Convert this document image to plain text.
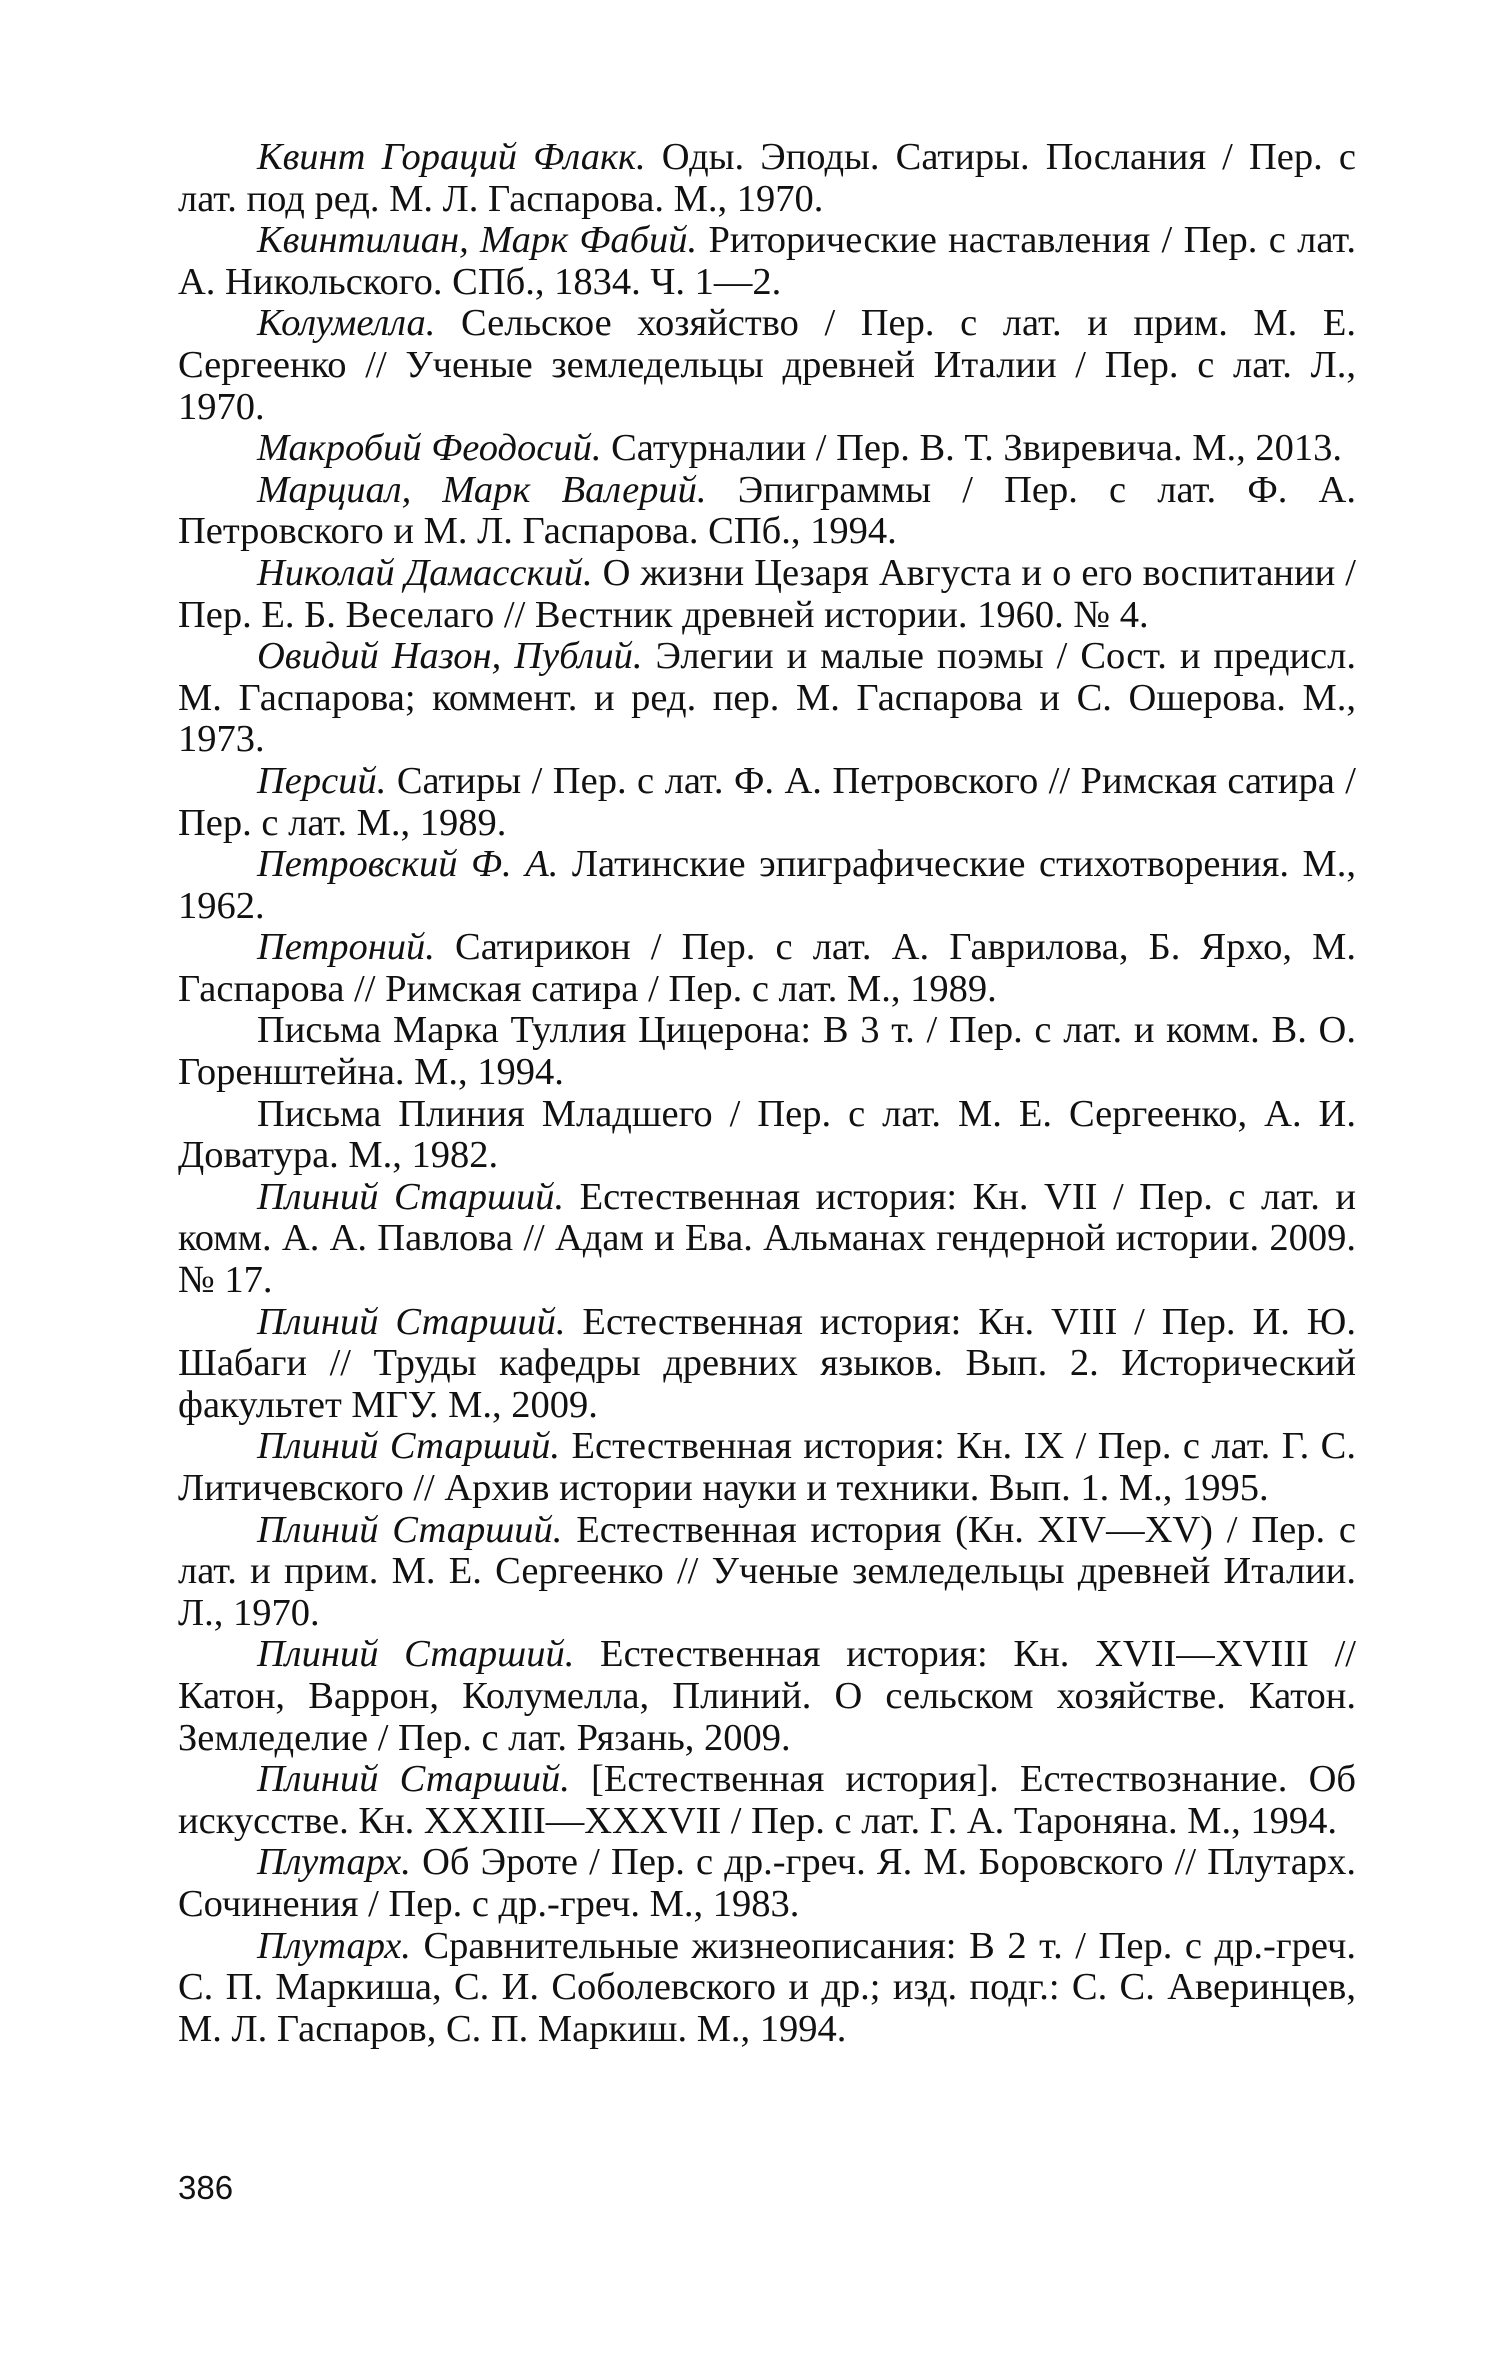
Квинт Гораций Флакк. Оды. Эподы. Сатиры. Послания / Пер. с лат. под ред. М. Л. Гаспарова. М., 1970.

Квинтилиан, Марк Фабий. Риторические наставления / Пер. с лат. А. Никольского. СПб., 1834. Ч. 1—2.

Колумелла. Сельское хозяйство / Пер. с лат. и прим. М. Е. Сергеенко // Ученые земледельцы древней Италии / Пер. с лат. Л., 1970.

Макробий Феодосий. Сатурналии / Пер. В. Т. Звиревича. М., 2013.

Марциал, Марк Валерий. Эпиграммы / Пер. с лат. Ф. А. Петровского и М. Л. Гаспарова. СПб., 1994.

Николай Дамасский. О жизни Цезаря Августа и о его воспитании / Пер. Е. Б. Веселаго // Вестник древней истории. 1960. № 4.

Овидий Назон, Публий. Элегии и малые поэмы / Сост. и предисл. М. Гаспарова; коммент. и ред. пер. М. Гаспарова и С. Ошерова. М., 1973.

Персий. Сатиры / Пер. с лат. Ф. А. Петровского // Римская сатира / Пер. с лат. М., 1989.

Петровский Ф. А. Латинские эпиграфические стихотворения. М., 1962.

Петроний. Сатирикон / Пер. с лат. А. Гаврилова, Б. Ярхо, М. Гаспарова // Римская сатира / Пер. с лат. М., 1989.

Письма Марка Туллия Цицерона: В 3 т. / Пер. с лат. и комм. В. О. Горенштейна. М., 1994.

Письма Плиния Младшего / Пер. с лат. М. Е. Сергеенко, А. И. Доватура. М., 1982.

Плиний Старший. Естественная история: Кн. VII / Пер. с лат. и комм. А. А. Павлова // Адам и Ева. Альманах гендерной истории. 2009. № 17.

Плиний Старший. Естественная история: Кн. VIII / Пер. И. Ю. Шабаги // Труды кафедры древних языков. Вып. 2. Исторический факультет МГУ. М., 2009.

Плиний Старший. Естественная история: Кн. IX / Пер. с лат. Г. С. Литичевского // Архив истории науки и техники. Вып. 1. М., 1995.

Плиний Старший. Естественная история (Кн. XIV—XV) / Пер. с лат. и прим. М. Е. Сергеенко // Ученые земледельцы древней Италии. Л., 1970.

Плиний Старший. Естественная история: Кн. XVII—XVIII // Катон, Варрон, Колумелла, Плиний. О сельском хозяйстве. Катон. Земледелие / Пер. с лат. Рязань, 2009.

Плиний Старший. [Естественная история]. Естествознание. Об искусстве. Кн. XXXIII—XXXVII / Пер. с лат. Г. А. Тароняна. М., 1994.

Плутарх. Об Эроте / Пер. с др.-греч. Я. М. Боровского // Плутарх. Сочинения / Пер. с др.-греч. М., 1983.

Плутарх. Сравнительные жизнеописания: В 2 т. / Пер. с др.-греч. С. П. Маркиша, С. И. Соболевского и др.; изд. подг.: С. С. Аверинцев, М. Л. Гаспаров, С. П. Маркиш. М., 1994.

386
